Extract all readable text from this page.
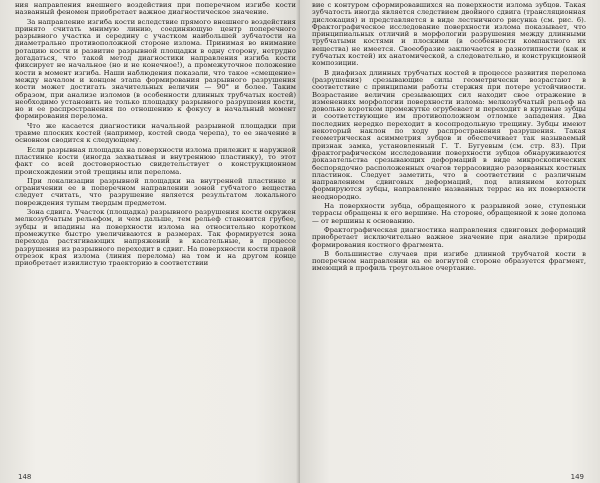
ния направления внешнего воздействия при поперечном изгибе кости названный феномен приобретает важное диагностическое значение.

За направление изгиба кости вследствие прямого внешнего воздействия принято считать мнимую линию, соединяющую центр поперечного разрывного участка и середину с участком наибольшей зубчатости на диаметрально противоположной стороне излома. Принимая во внимание ротацию кости и развитие разрывной площадки в одну сторону, нетрудно догадаться, что такой метод диагностики направления изгиба кости фиксирует не начальное (но и не конечное!), а промежуточное положение кости в момент изгиба. Наши наблюдения показали, что такое «смещение» между началом и концом этапа формирования разрывного разрушения кости может достигать значительных величин — 90° и более. Таким образом, при анализе изломов (в особенности длинных трубчатых костей) необходимо установить не только площадку разрывного разрушения кости, но и ее распространения по отношению к фокусу в начальный момент формирования перелома.

Что же касается диагностики начальной разрывной площадки при травме плоских костей (например, костей свода черепа), то ее значение в основном сводится к следующему.

Если разрывная площадка на поверхности излома прилежит к наружной пластинке кости (иногда захватывая и внутреннюю пластинку), то этот факт со всей достоверностью свидетельствует о конструкционном происхождении этой трещины или перелома.

При локализации разрывной площадки на внутренней пластинке и ограничении ее в поперечном направлении зоной губчатого вещества следует считать, что разрушение является результатом локального повреждения тупым твердым предметом.

Зона сдвига. Участок (площадка) разрывного разрушения кости окружен мелкозубчатым рельефом, и чем дальше, тем рельеф становится грубее, зубцы и впадины на поверхности излома на относительно коротком промежутке быстро увеличиваются в размерах. Так формируется зона перехода растягивающих напряжений в касательные, в процессе разрушения из разрывного переходит в сдвиг. На поверхности кости правой отрезок края излома (линия перелома) на том и на другом конце приобретает извилистую траекторию в соответствии

148

вие с контуром сформировавшихся на поверхности излома зубцов. Такая зубчатость иногда является следствием двойного сдвига (трансляционная дислокация) и представляется в виде лестничного рисунка (см. рис. 6). Фрактографическое исследование поверхности излома показывает, что принципиальных отличий в морфологии разрушения между длинными трубчатыми костями и плоскими (в особенности компактного их вещества) не имеется. Своеобразие заключается в разнотипности (как и губчатых костей) их анатомической, а следовательно, и конструкционной композиции.

В диафизах длинных трубчатых костей в процессе развития перелома (разрушения) срезывающие силы геометрически возрастают в соответствие с принципами работы стержня при потере устойчивости. Возрастание величин срезывающих сил находит свое отражение в изменениях морфологии поверхности излома: мелкозубчатый рельеф на довольно коротком промежутке огрубевает и переходит в крупные зубцы и соответствующие им противоположном отломке западения. Два последних нередко переходит в косопродольную трещину. Зубцы имеют некоторый наклон по ходу распространения разрушения. Такая геометрическая асимметрия зубцов и обеспечивает так называемый признак замка, установленный Г. Т. Бугуевым (см. стр. 83). При фрактографическом исследовании поверхности зубцов обнаруживаются доказательства срезывающих деформаций в виде микроскопических беспорядочно расположенных очагов террасовидно разорванных костных пластинок. Следует заметить, что в соответствии с различным направлением сдвиговых деформаций, под влиянием которых формируются зубцы, направление названных террас на их поверхности неоднородно.

На поверхности зубца, обращенного к разрывной зоне, ступеньки террасы обращены к его вершине. На стороне, обращенной к зоне долома — от вершины к основанию.

Фрактографическая диагностика направления сдвиговых деформаций приобретает исключительно важное значение при анализе природы формирования костного фрагмента.

В большинстве случаев при изгибе длинной трубчатой кости в поперечном направлении на ее вогнутой стороне образуется фрагмент, имеющий в профиль треугольное очертание.

149
